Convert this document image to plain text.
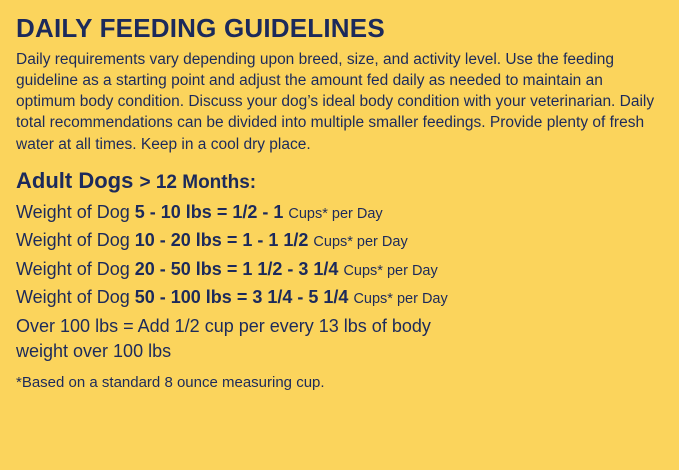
DAILY FEEDING GUIDELINES

Daily requirements vary depending upon breed, size, and activity level. Use the feeding guideline as a starting point and adjust the amount fed daily as needed to maintain an optimum body condition. Discuss your dog’s ideal body condition with your veterinarian. Daily total recommendations can be divided into multiple smaller feedings. Provide plenty of fresh water at all times. Keep in a cool dry place.

Adult Dogs > 12 Months:
Weight of Dog 5 - 10 lbs = 1/2 - 1 Cups* per Day
Weight of Dog 10 - 20 lbs = 1 - 1 1/2 Cups* per Day
Weight of Dog 20 - 50 lbs = 1 1/2 - 3 1/4 Cups* per Day
Weight of Dog 50 - 100 lbs = 3 1/4 - 5 1/4 Cups* per Day
Over 100 lbs = Add 1/2 cup per every 13 lbs of body
weight over 100 lbs
*Based on a standard 8 ounce measuring cup.
